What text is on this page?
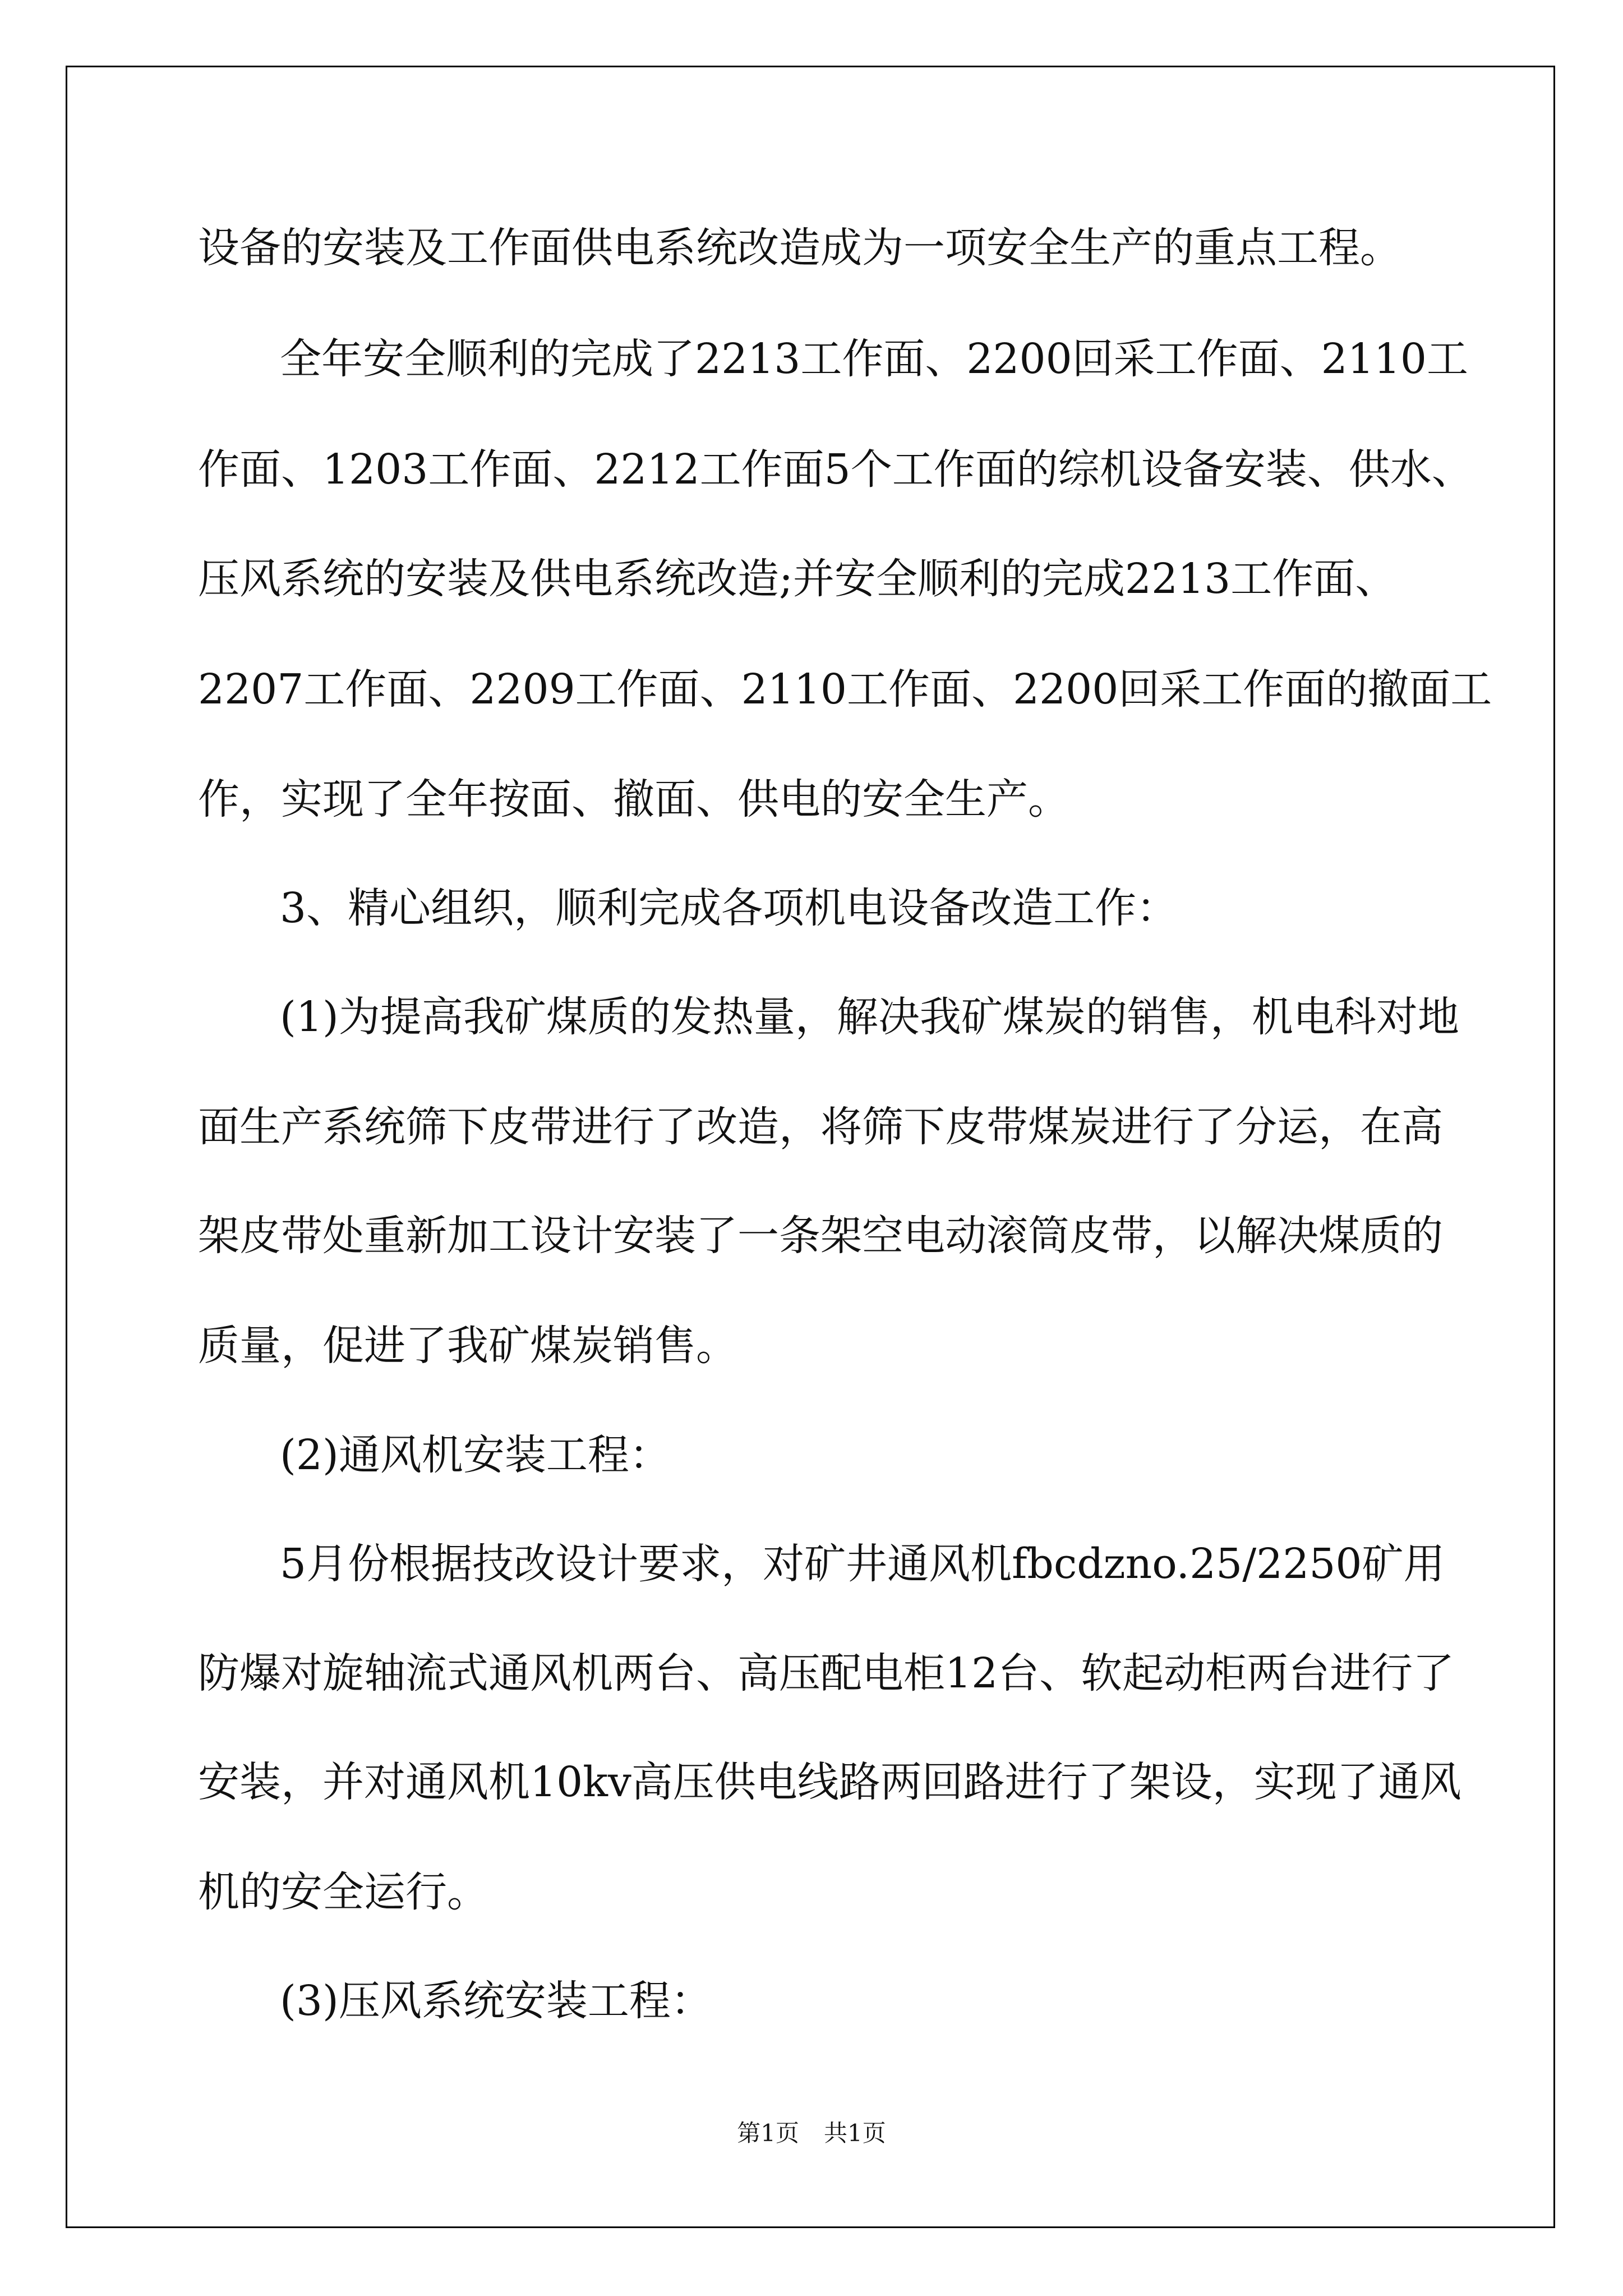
设备的安装及工作面供电系统改造成为一项安全生产的重点工程。
全年安全顺利的完成了2213工作面、2200回采工作面、2110工
作面、1203工作面、2212工作面5个工作面的综机设备安装、供水、
压风系统的安装及供电系统改造;并安全顺利的完成2213工作面、
2207工作面、2209工作面、2110工作面、2200回采工作面的撤面工
作，实现了全年按面、撤面、供电的安全生产。
3、精心组织，顺利完成各项机电设备改造工作：
(1)为提高我矿煤质的发热量，解决我矿煤炭的销售，机电科对地
面生产系统筛下皮带进行了改造，将筛下皮带煤炭进行了分运，在高
架皮带处重新加工设计安装了一条架空电动滚筒皮带，以解决煤质的
质量，促进了我矿煤炭销售。
(2)通风机安装工程：
5月份根据技改设计要求，对矿井通风机fbcdzno.25/2250矿用
防爆对旋轴流式通风机两台、高压配电柜12台、软起动柜两台进行了
安装，并对通风机10kv高压供电线路两回路进行了架设，实现了通风
机的安全运行。
(3)压风系统安装工程：
第1页 共1页
